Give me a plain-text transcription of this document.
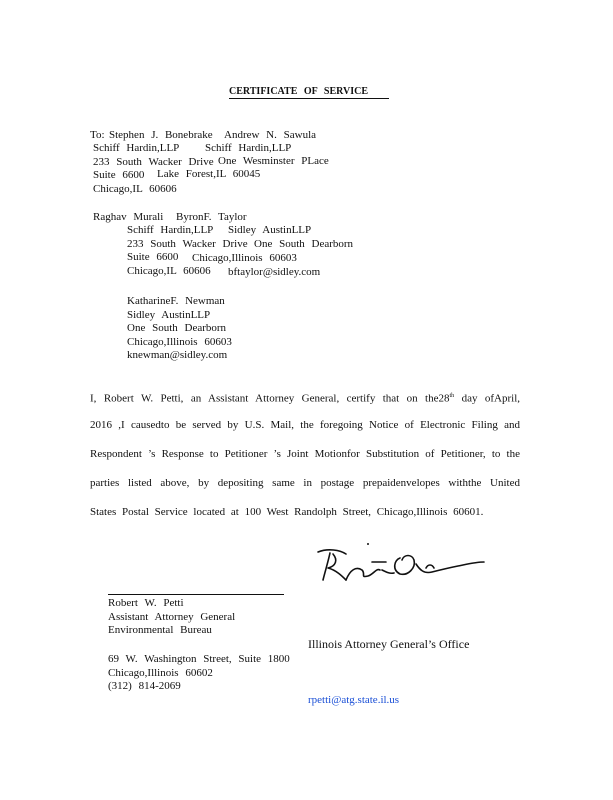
CERTIFICATE OF SERVICE
To: Stephen J. Bonebrake
Schiff Hardin,LLP
233 South Wacker Drive
Suite 6600
Chicago,IL 60606
Andrew N. Sawula
Schiff Hardin,LLP
One Wesminster PLace
Lake Forest,IL 60045
Raghav Murali
Schiff Hardin,LLP
233 South Wacker Drive
Suite 6600
Chicago,IL 60606
ByronF. Taylor
Sidley AustinLLP
One South Dearborn
Chicago,Illinois 60603
bftaylor@sidley.com
KatharineF. Newman
Sidley AustinLLP
One South Dearborn
Chicago,Illinois 60603
knewman@sidley.com
I, Robert W. Petti, an Assistant Attorney General, certify that on the28th day ofApril,
2016 ,I causedto be served by U.S. Mail, the foregoing Notice of Electronic Filing and
Respondent ’s Response to Petitioner ’s Joint Motionfor Substitution of Petitioner, to the
parties listed above, by depositing same in postage prepaidenvelopes withthe United
States Postal Service located at 100 West Randolph Street, Chicago,Illinois 60601.
Robert W. Petti
Assistant Attorney General
Environmental Bureau
69 W. Washington Street, Suite 1800
Chicago,Illinois 60602
(312) 814-2069
Illinois Attorney General’s Office
rpetti@atg.state.il.us
